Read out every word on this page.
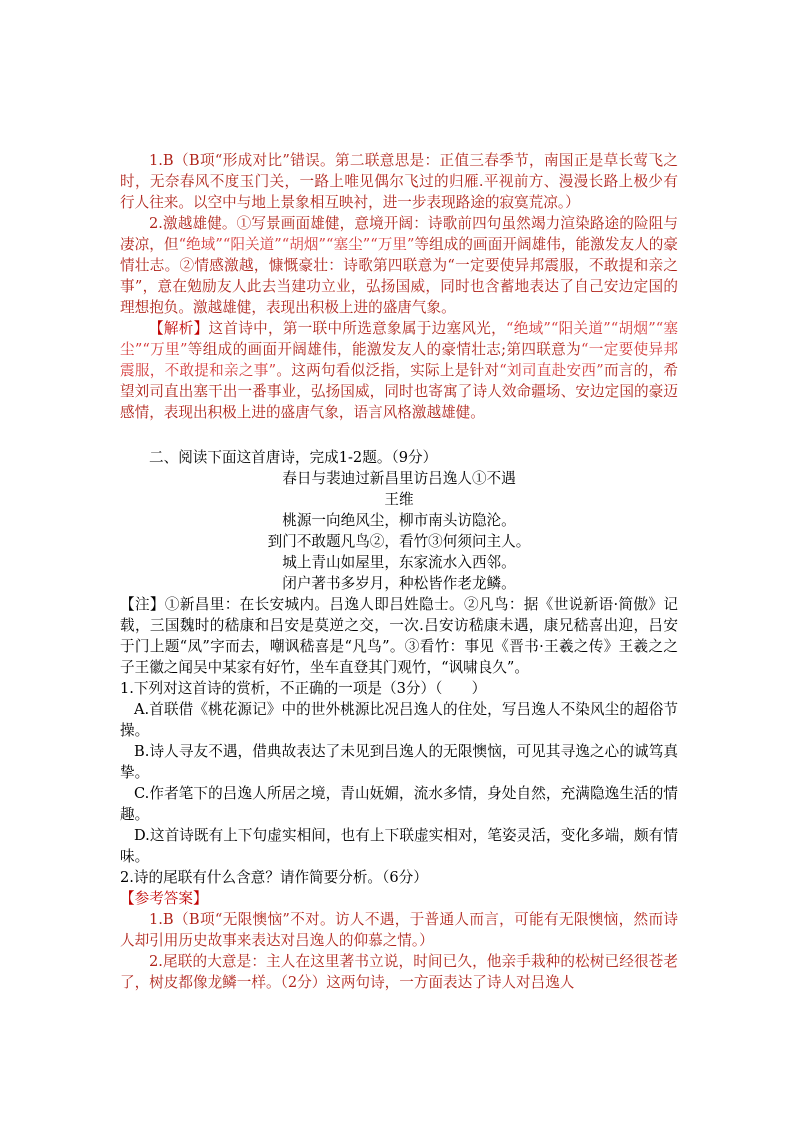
1.B（B项“形成对比”错误。第二联意思是：正值三春季节，南国正是草长莺飞之时，无奈春风不度玉门关，一路上唯见偶尔飞过的归雁.平视前方、漫漫长路上极少有行人往来。以空中与地上景象相互映衬，进一步表现路途的寂寞荒凉。）

2.激越雄健。①写景画面雄健，意境开阔：诗歌前四句虽然竭力渲染路途的险阻与凄凉，但“绝域”“阳关道”“胡烟”“塞尘”“万里”等组成的画面开阔雄伟，能激发友人的豪情壮志。②情感激越，慷慨豪壮：诗歌第四联意为“一定要使异邦震服，不敢提和亲之事”，意在勉励友人此去当建功立业，弘扬国威，同时也含蓄地表达了自己安边定国的理想抱负。激越雄健，表现出积极上进的盛唐气象。

【解析】这首诗中，第一联中所选意象属于边塞风光，“绝域”“阳关道”“胡烟”“塞尘”“万里”等组成的画面开阔雄伟，能激发友人的豪情壮志;第四联意为“一定要使异邦震服，不敢提和亲之事”。这两句看似泛指，实际上是针对“刘司直赴安西”而言的，希望刘司直出塞干出一番事业，弘扬国威，同时也寄寓了诗人效命疆场、安边定国的豪迈感情，表现出积极上进的盛唐气象，语言风格激越雄健。

二、阅读下面这首唐诗，完成1-2题。（9分）

春日与裴迪过新昌里访吕逸人①不遇

王维

桃源一向绝风尘，柳市南头访隐沦。

到门不敢题凡鸟②，看竹③何须问主人。

城上青山如屋里，东家流水入西邻。

闭户著书多岁月，种松皆作老龙鳞。

【注】①新昌里：在长安城内。吕逸人即吕姓隐士。②凡鸟：据《世说新语·简傲》记载，三国魏时的嵇康和吕安是莫逆之交，一次.吕安访嵇康未遇，康兄嵇喜出迎，吕安于门上题“凤”字而去，嘲讽嵇喜是“凡鸟”。③看竹：事见《晋书·王羲之传》王羲之之子王徽之闻吴中某家有好竹，坐车直登其门观竹，“讽啸良久”。

1.下列对这首诗的赏析，不正确的一项是（3分）（　　）

A.首联借《桃花源记》中的世外桃源比况吕逸人的住处，写吕逸人不染风尘的超俗节操。

B.诗人寻友不遇，借典故表达了未见到吕逸人的无限懊恼，可见其寻逸之心的诚笃真挚。

C.作者笔下的吕逸人所居之境，青山妩媚，流水多情，身处自然，充满隐逸生活的情趣。

D.这首诗既有上下句虚实相间，也有上下联虚实相对，笔姿灵活，变化多端，颇有情味。

2.诗的尾联有什么含意？请作简要分析。（6分）

【参考答案】

1.B（B项“无限懊恼”不对。访人不遇，于普通人而言，可能有无限懊恼，然而诗人却引用历史故事来表达对吕逸人的仰慕之情。）

2.尾联的大意是：主人在这里著书立说，时间已久，他亲手栽种的松树已经很苍老了，树皮都像龙鳞一样。（2分）这两句诗，一方面表达了诗人对吕逸人
